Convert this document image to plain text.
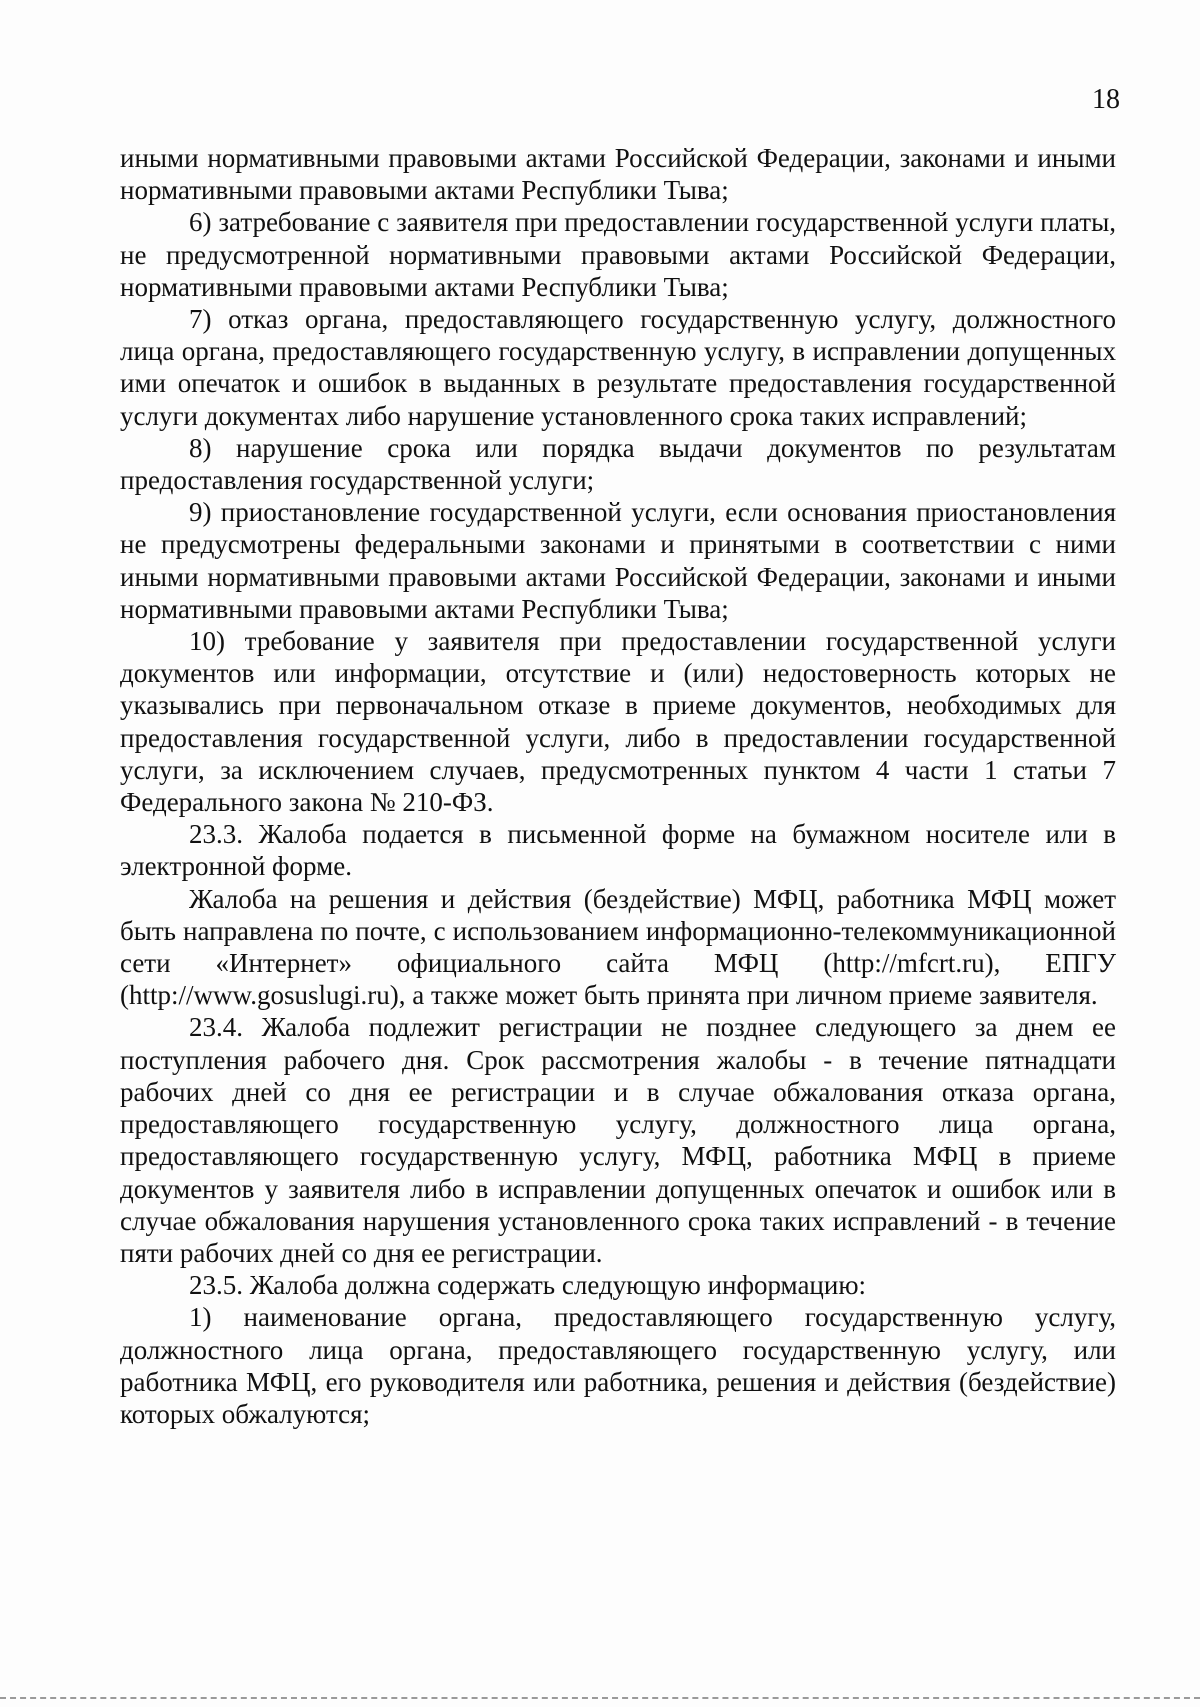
18

иными нормативными правовыми актами Российской Федерации, законами и иными нормативными правовыми актами Республики Тыва;

6) затребование с заявителя при предоставлении государственной услуги платы, не предусмотренной нормативными правовыми актами Российской Федерации, нормативными правовыми актами Республики Тыва;

7) отказ органа, предоставляющего государственную услугу, должностного лица органа, предоставляющего государственную услугу, в исправлении допущенных ими опечаток и ошибок в выданных в результате предоставления государственной услуги документах либо нарушение установленного срока таких исправлений;

8) нарушение срока или порядка выдачи документов по результатам предоставления государственной услуги;

9) приостановление государственной услуги, если основания приостановления не предусмотрены федеральными законами и принятыми в соответствии с ними иными нормативными правовыми актами Российской Федерации, законами и иными нормативными правовыми актами Республики Тыва;

10) требование у заявителя при предоставлении государственной услуги документов или информации, отсутствие и (или) недостоверность которых не указывались при первоначальном отказе в приеме документов, необходимых для предоставления государственной услуги, либо в предоставлении государственной услуги, за исключением случаев, предусмотренных пунктом 4 части 1 статьи 7 Федерального закона № 210-ФЗ.

23.3. Жалоба подается в письменной форме на бумажном носителе или в электронной форме.

Жалоба на решения и действия (бездействие) МФЦ, работника МФЦ может быть направлена по почте, с использованием информационно-телекоммуникационной сети «Интернет» официального сайта МФЦ (http://mfcrt.ru), ЕПГУ (http://www.gosuslugi.ru), а также может быть принята при личном приеме заявителя.

23.4. Жалоба подлежит регистрации не позднее следующего за днем ее поступления рабочего дня. Срок рассмотрения жалобы - в течение пятнадцати рабочих дней со дня ее регистрации и в случае обжалования отказа органа, предоставляющего государственную услугу, должностного лица органа, предоставляющего государственную услугу, МФЦ, работника МФЦ в приеме документов у заявителя либо в исправлении допущенных опечаток и ошибок или в случае обжалования нарушения установленного срока таких исправлений - в течение пяти рабочих дней со дня ее регистрации.

23.5. Жалоба должна содержать следующую информацию:

1) наименование органа, предоставляющего государственную услугу, должностного лица органа, предоставляющего государственную услугу, или работника МФЦ, его руководителя или работника, решения и действия (бездействие) которых обжалуются;
